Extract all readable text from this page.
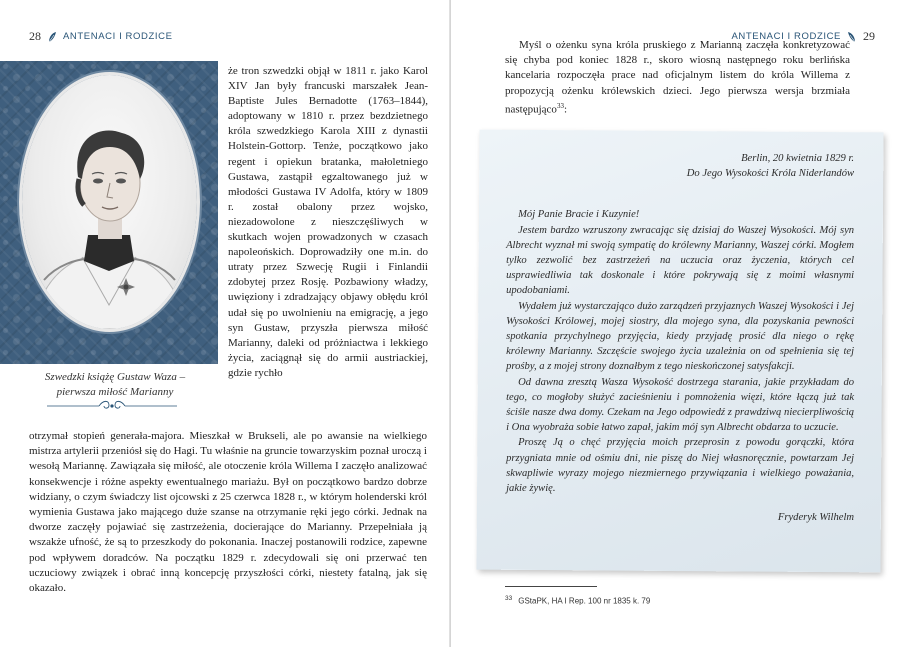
28 ANTENACI I RODZICE
Szwedzki książę Gustaw Waza –
pierwsza miłość Marianny

że tron szwedzki objął w 1811 r. jako Karol XIV Jan były francuski marszałek Jean-Baptiste Jules Bernadotte (1763–1844), adoptowany w 1810 r. przez bezdzietnego króla szwedzkiego Karola XIII z dynastii Holstein-Gottorp. Tenże, początkowo jako regent i opiekun bratanka, małoletniego Gustawa, zastąpił egzaltowanego już w młodości Gustawa IV Adolfa, który w 1809 r. został obalony przez wojsko, niezadowolone z nieszczęśliwych w skutkach wojen prowadzonych w czasach napoleońskich. Doprowadziły one m.in. do utraty przez Szwecję Rugii i Finlandii zdobytej przez Rosję. Pozbawiony władzy, uwięziony i zdradzający objawy obłędu król udał się po uwolnieniu na emigrację, a jego syn Gustaw, przyszła pierwsza miłość Marianny, daleki od próżniactwa i lekkiego życia, zaciągnął się do armii austriackiej, gdzie rychło

otrzymał stopień generała-majora. Mieszkał w Brukseli, ale po awansie na wielkiego mistrza artylerii przeniósł się do Hagi. Tu właśnie na gruncie towarzyskim poznał uroczą i wesołą Mariannę. Zawiązała się miłość, ale otoczenie króla Willema I zaczęło analizować konsekwencje i różne aspekty ewentualnego mariażu. Był on początkowo bardzo dobrze widziany, o czym świadczy list ojcowski z 25 czerwca 1828 r., w którym holenderski król wymienia Gustawa jako mającego duże szanse na otrzymanie ręki jego córki. Jednak na dworze zaczęły pojawiać się zastrzeżenia, docierające do Marianny. Przepełniała ją wszakże ufność, że są to przeszkody do pokonania. Inaczej postanowili rodzice, zapewne pod wpływem doradców. Na początku 1829 r. zdecydowali się oni przerwać ten uczuciowy związek i obrać inną koncepcję przyszłości córki, niestety fatalną, jak się okazało.

ANTENACI I RODZICE 29
Myśl o ożenku syna króla pruskiego z Marianną zaczęła konkretyzować się chyba pod koniec 1828 r., skoro wiosną następnego roku berlińska kancelaria rozpoczęła prace nad oficjalnym listem do króla Willema z propozycją ożenku królewskich dzieci. Jego pierwsza wersja brzmiała następująco$^{33}$:

Berlin, 20 kwietnia 1829 r.

Do Jego Wysokości Króla Niderlandów

Mój Panie Bracie i Kuzynie!

Jestem bardzo wzruszony zwracając się dzisiaj do Waszej Wysokości. Mój syn Albrecht wyznał mi swoją sympatię do królewny Marianny, Waszej córki. Mogłem tylko zezwolić bez zastrzeżeń na uczucia oraz życzenia, których cel usprawiedliwia tak doskonale i które pokrywają się z moimi własnymi upodobaniami.

Wydałem już wystarczająco dużo zarządzeń przyjaznych Waszej Wysokości i Jej Wysokości Królowej, mojej siostry, dla mojego syna, dla pozyskania pewności spotkania przychylnego przyjęcia, kiedy przyjadę prosić dla niego o rękę królewny Marianny. Szczęście swojego życia uzależnia on od spełnienia się tej prośby, a z mojej strony doznałbym z tego nieskończonej satysfakcji.

Od dawna zresztą Wasza Wysokość dostrzega starania, jakie przykładam do tego, co mogłoby służyć zacieśnieniu i pomnożenia więzi, które łączą już tak ściśle nasze dwa domy. Czekam na Jego odpowiedź z prawdziwą niecierpliwością i Ona wyobraża sobie łatwo zapał, jakim mój syn Albrecht obdarza to uczucie.

Proszę Ją o chęć przyjęcia moich przeprosin z powodu gorączki, która przygniata mnie od ośmiu dni, nie piszę do Niej własnoręcznie, powtarzam Jej skwapliwie wyrazy mojego niezmiernego przywiązania i wielkiego poważania, jakie żywię.

Fryderyk Wilhelm

$^{33}$ GStaPK, HA I Rep. 100 nr 1835 k. 79
